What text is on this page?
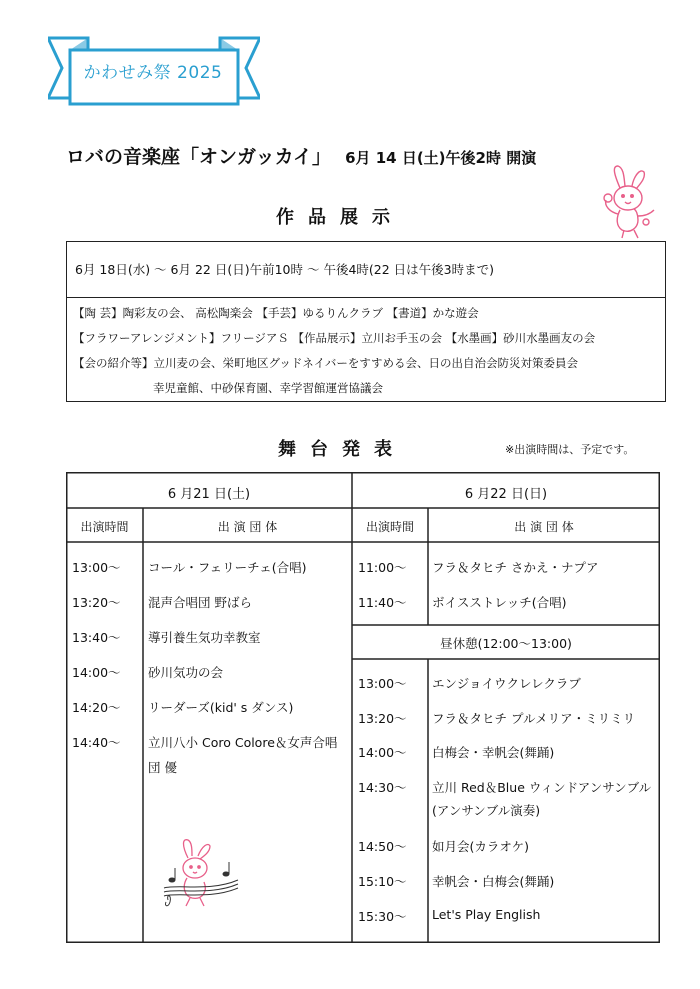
かわせみ祭 2025
ロバの音楽座「オンガッカイ」 6月 14 日(土)午後2時 開演
作品展示
6月 18日(水) ～ 6月 22 日(日)午前10時 ～ 午後4時(22 日は午後3時まで)
【陶 芸】陶彩友の会、 高松陶楽会 【手芸】ゆるりんクラブ 【書道】かな遊会
【フラワーアレンジメント】フリージアＳ 【作品展示】立川お手玉の会 【水墨画】砂川水墨画友の会
【会の紹介等】立川麦の会、栄町地区グッドネイバーをすすめる会、日の出自治会防災対策委員会
幸児童館、中砂保育園、幸学習館運営協議会
舞台発表	※出演時間は、予定です。
6 月21 日(土)	6 月22 日(日)
出演時間	出 演 団 体	出演時間	出 演 団 体
13:00～ コール・フェリーチェ(合唱)
13:20～ 混声合唱団 野ばら
13:40～ 導引養生気功幸教室
14:00～ 砂川気功の会
14:20～ リーダーズ(kid' s ダンス)
14:40～ 立川八小 Coro Colore＆女声合唱
団 優
11:00～ フラ＆タヒチ さかえ・ナプア
11:40～ ボイスストレッチ(合唱)
昼休憩(12:00～13:00)
13:00～ エンジョイウクレレクラブ
13:20～ フラ＆タヒチ プルメリア・ミリミリ
14:00～ 白梅会・幸帆会(舞踊)
14:30～ 立川 Red＆Blue ウィンドアンサンブル
(アンサンブル演奏)
14:50～ 如月会(カラオケ)
15:10～ 幸帆会・白梅会(舞踊)
15:30～ Let's Play English
